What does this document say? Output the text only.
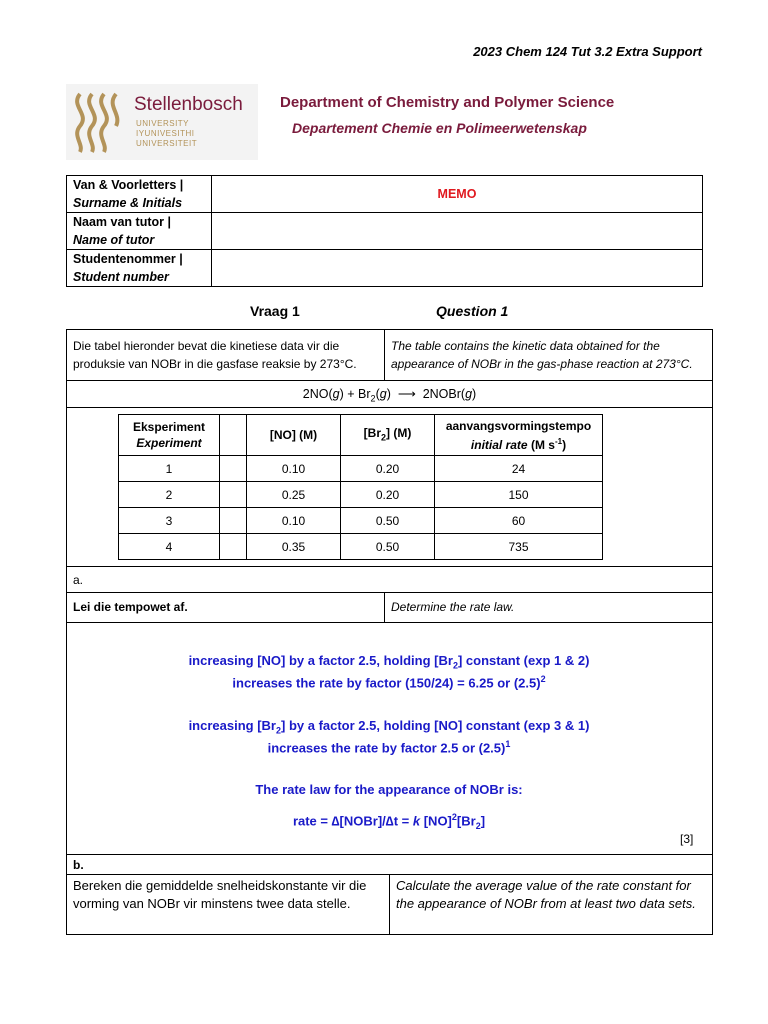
2023 Chem 124 Tut 3.2 Extra Support
Stellenbosch
UNIVERSITY
IYUNIVESITHI
UNIVERSITEIT
Department of Chemistry and Polymer Science
Departement Chemie en Polimeerwetenskap
Van & Voorletters |
Surname & Initials	MEMO
Naam van tutor |
Name of tutor	
Studentenommer |
Student number	
Vraag 1	Question 1
Die tabel hieronder bevat die kinetiese data vir die produksie van NOBr in die gasfase reaksie by 273°C.
The table contains the kinetic data obtained for the appearance of NOBr in the gas-phase reaction at 273°C.
$2NO(g) + Br_2(g)$ ⟶ 2NOBr(g)
Eksperiment
Experiment		[NO] (M)	$[Br_2]$ (M)	aanvangsvormingstempo
initial rate (M $s^{-1}$)
1		0.10	0.20	24
2		0.25	0.20	150
3		0.10	0.50	60
4		0.35	0.50	735
a.
Lei die tempowet af.	Determine the rate law.
increasing [NO] by a factor 2.5, holding $[Br_2]$ constant (exp 1 & 2)
increases the rate by factor (150/24) = 6.25 or $(2.5)^2$
increasing $[Br_2]$ by a factor 2.5, holding [NO] constant (exp 3 & 1)
increases the rate by factor 2.5 or $(2.5)^1$
The rate law for the appearance of NOBr is:
rate = ∆[NOBr]/∆t = k $[NO]^2[Br_2]$
[3]
b.
Bereken die gemiddelde snelheidskonstante vir die vorming van NOBr vir minstens twee data stelle.
Calculate the average value of the rate constant for the appearance of NOBr from at least two data sets.
